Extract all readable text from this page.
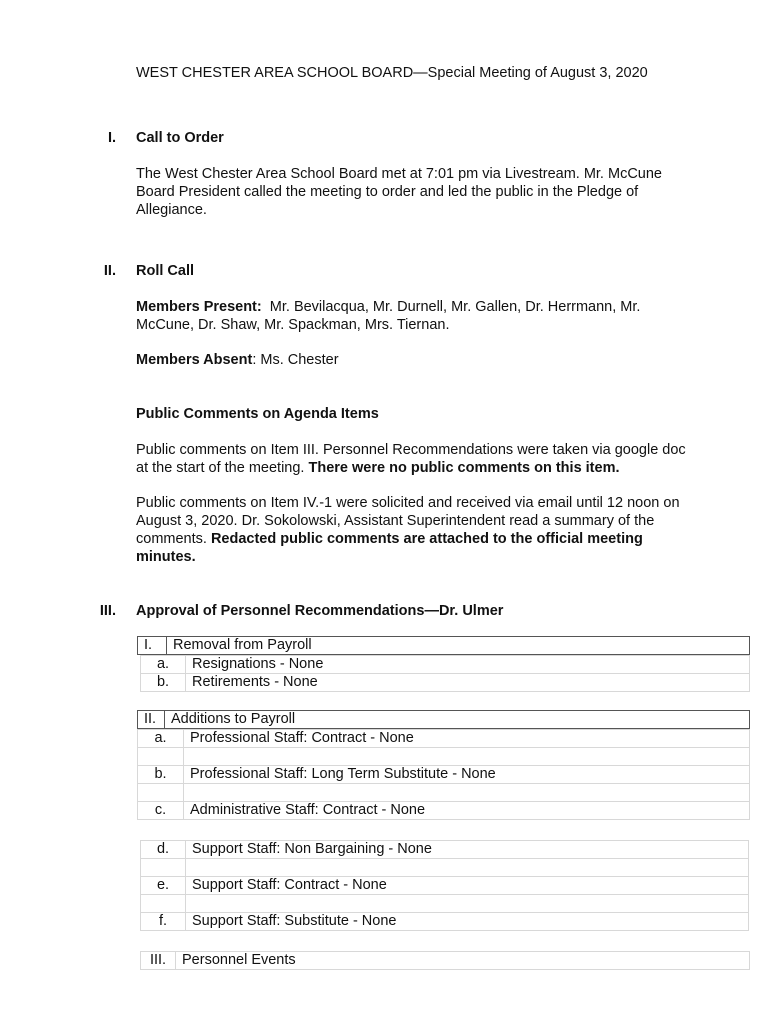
WEST CHESTER AREA SCHOOL BOARD—Special Meeting of August 3, 2020
I. Call to Order
The West Chester Area School Board met at 7:01 pm via Livestream. Mr. McCune
Board President called the meeting to order and led the public in the Pledge of
Allegiance.
II. Roll Call
Members Present:  Mr. Bevilacqua, Mr. Durnell, Mr. Gallen, Dr. Herrmann, Mr.
McCune, Dr. Shaw, Mr. Spackman, Mrs. Tiernan.
Members Absent: Ms. Chester
Public Comments on Agenda Items
Public comments on Item III. Personnel Recommendations were taken via google doc
at the start of the meeting. There were no public comments on this item.
Public comments on Item IV.-1 were solicited and received via email until 12 noon on
August 3, 2020. Dr. Sokolowski, Assistant Superintendent read a summary of the
comments. Redacted public comments are attached to the official meeting
minutes.
III. Approval of Personnel Recommendations—Dr. Ulmer
I.	Removal from Payroll
a.	Resignations - None
b.	Retirements - None
II.	Additions to Payroll
a.	Professional Staff: Contract - None

b.	Professional Staff: Long Term Substitute - None

c.	Administrative Staff: Contract - None
d.	Support Staff: Non Bargaining - None

e.	Support Staff: Contract - None

f.	Support Staff: Substitute - None
III.	Personnel Events
